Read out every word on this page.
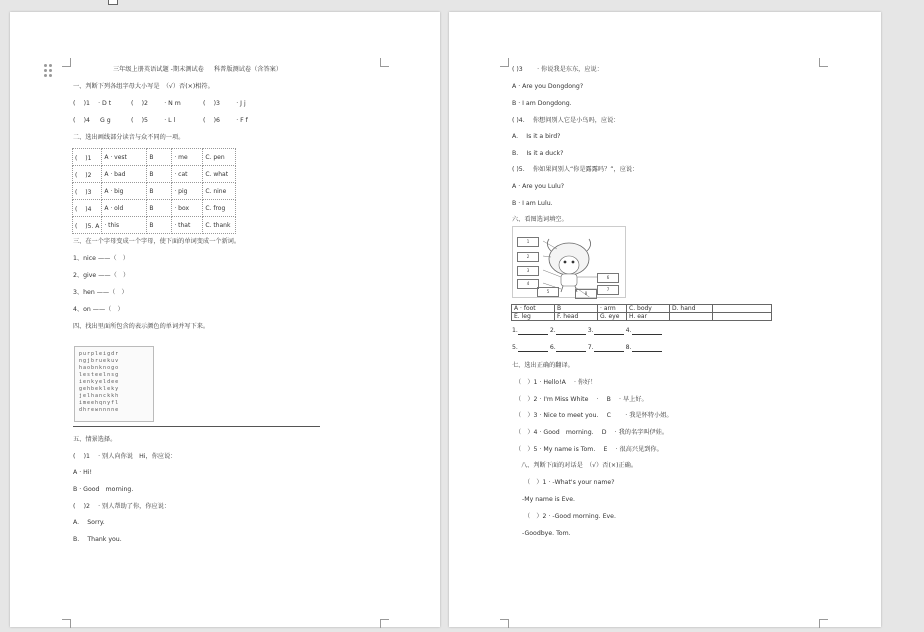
三年级上册英语试题 -期末测试卷 　 科普版测试卷（含答案）
一、判断下列各组字母大小写是　（√）否(×)相符。
( 　)1 　· D t	( 　)2 　　 · N m	( 　)3 　　 · J j
( 　)4 　 G g	( 　)5 　　 · L l	( 　)6 　　 · F f
二、选出画线部分读音与众不同的一项。
( 　)1	A · vest	B	· me	C. pen
( 　)2	A · bad	B	· cat	C. what
( 　)3	A · big	B	· pig	C. nine
( 　)4	A · old	B	· box	C. frog
( 　)5. A	· this	B	· that	C. thank
三、在一个字母变成一个字母，使下面的单词变成一个新词。
1、nice ——（　）
2、give ——（　）
3、hen ——（　）
4、on ——（　）
四、找出里面所包含的表示颜色的单词并写下来。
purpleigdr
ngjbruekuv
haobnknogo
lesteelnsg
ienkyeldee
gehbekleky
jelhanckkh
imeehqnyfl
dhrewnnnne
五、情景选择。
( 　)1 　· 别人向你说　Hi，你应说：
A · Hi!
B · Good　morning.
( 　)2 　· 别人帮助了你，你应说：
A. 　Sorry.
B. 　Thank you.
( )3 　　· 你说我是东东，应说：
A · Are you Dongdong?
B · I am Dongdong.
( )4. 　你想问别人它是小鸟吗，应说：
A. 　Is it a bird?
B. 　Is it a duck?
( )5. 　你如果问别人“你是露露吗？”，应说：
A · Are you Lulu?
B · I am Lulu.
六、看图选词填空。
1
2
3
4
5
6
7
8
A · foot	B	· arm	C. body	D. hand	
E. leg	F. head	G. eye	H. ear		
1.	2.	3.	4.
5.	6.	7.	8.
七、选出正确的翻译。
（　）1 · Hello!A 　· 你好！
（　）2 · I'm Miss White 　· 　B 　· 早上好。
（　）3 · Nice to meet you. 　C 　　· 我是怀特小姐。
（　）4 · Good　morning. 　D 　· 我的名字叫伊娃。
（　）5 · My name is Tom. 　E 　· 很高兴见到你。
八、判断下面的对话是　（√）否(×)正确。
（　）1 · -What's your name?
-My name is Eve.
（　）2 · -Good morning. Eve.
-Goodbye. Tom.
